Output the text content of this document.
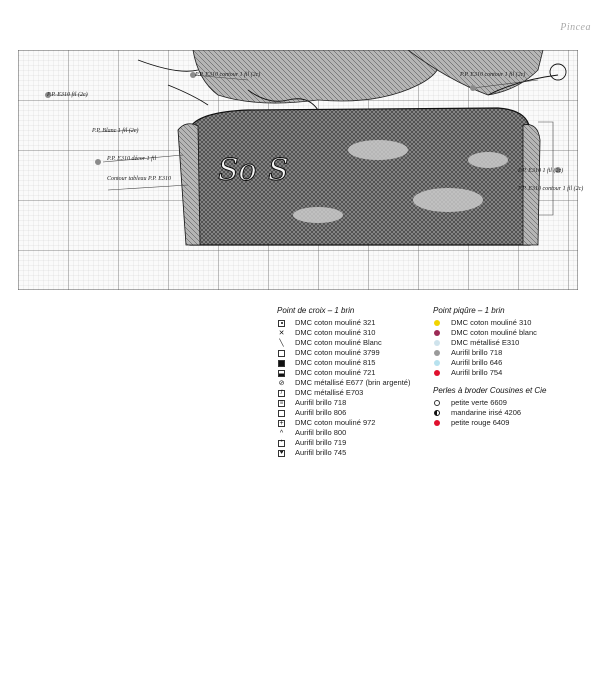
Pincea
So S
P.P. E310 fil (2c)
P.P. Blanc 1 fil (2c)
P.P. E310 décor 1 fil
Contour tableau P.P. E310
P.P. E310 contour 1 fil (2c)	P.P. E310 contour 1 fil (2c)
P.P. E310 1 fil (2c)
P.P. E310 contour 1 fil (2c)
Point de croix – 1 brin
DMC coton mouliné 321
✕ DMC coton mouliné 310
╲	DMC coton mouliné Blanc
DMC coton mouliné 3799
DMC coton mouliné 815
DMC coton mouliné 721
⊘ DMC métallisé E677 (brin argenté)
/	DMC métallisé E703
≡ Aurifil brillo 718
Aurifil brillo 806
+ DMC coton mouliné 972
^	Aurifil brillo 800
*	Aurifil brillo 719
♥ Aurifil brillo 745
Point piqûre – 1 brin
DMC coton mouliné 310
DMC coton mouliné blanc
DMC métallisé E310
Aurifil brillo 718
Aurifil brillo 646
Aurifil brillo 754
Perles à broder Cousines et Cie
petite verte 6609
mandarine irisé 4206
petite rouge 6409
